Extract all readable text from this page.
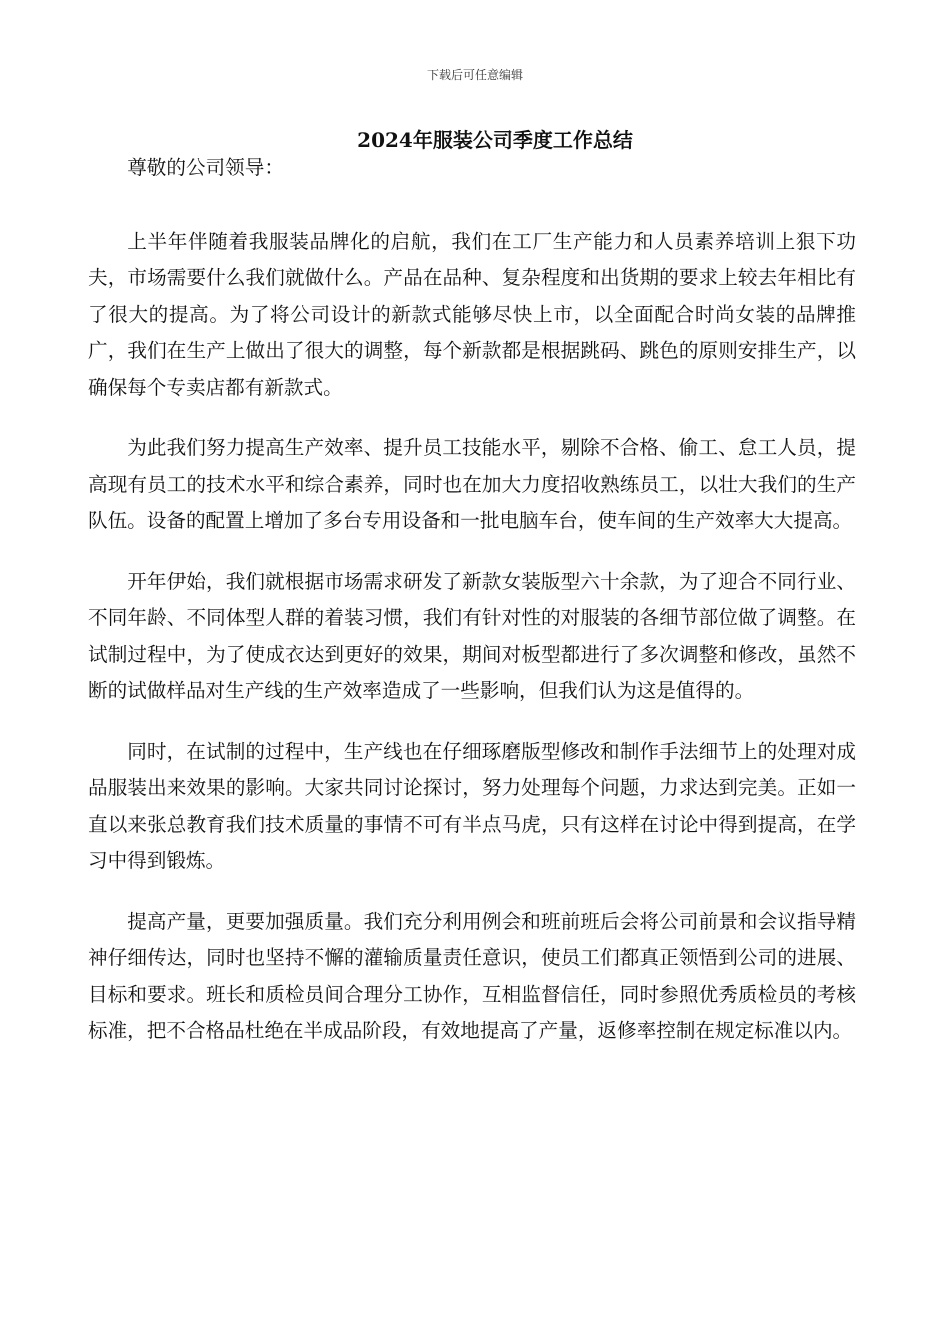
下载后可任意编辑
2024年服装公司季度工作总结

尊敬的公司领导：

上半年伴随着我服装品牌化的启航，我们在工厂生产能力和人员素养培训上狠下功夫，市场需要什么我们就做什么。产品在品种、复杂程度和出货期的要求上较去年相比有了很大的提高。为了将公司设计的新款式能够尽快上市，以全面配合时尚女装的品牌推广，我们在生产上做出了很大的调整，每个新款都是根据跳码、跳色的原则安排生产，以确保每个专卖店都有新款式。

为此我们努力提高生产效率、提升员工技能水平，剔除不合格、偷工、怠工人员，提高现有员工的技术水平和综合素养，同时也在加大力度招收熟练员工，以壮大我们的生产队伍。设备的配置上增加了多台专用设备和一批电脑车台，使车间的生产效率大大提高。

开年伊始，我们就根据市场需求研发了新款女装版型六十余款，为了迎合不同行业、不同年龄、不同体型人群的着装习惯，我们有针对性的对服装的各细节部位做了调整。在试制过程中，为了使成衣达到更好的效果，期间对板型都进行了多次调整和修改，虽然不断的试做样品对生产线的生产效率造成了一些影响，但我们认为这是值得的。

同时，在试制的过程中，生产线也在仔细琢磨版型修改和制作手法细节上的处理对成品服装出来效果的影响。大家共同讨论探讨，努力处理每个问题，力求达到完美。正如一直以来张总教育我们技术质量的事情不可有半点马虎，只有这样在讨论中得到提高，在学习中得到锻炼。

提高产量，更要加强质量。我们充分利用例会和班前班后会将公司前景和会议指导精神仔细传达，同时也坚持不懈的灌输质量责任意识，使员工们都真正领悟到公司的进展、目标和要求。班长和质检员间合理分工协作，互相监督信任，同时参照优秀质检员的考核标准，把不合格品杜绝在半成品阶段，有效地提高了产量，返修率控制在规定标准以内。
